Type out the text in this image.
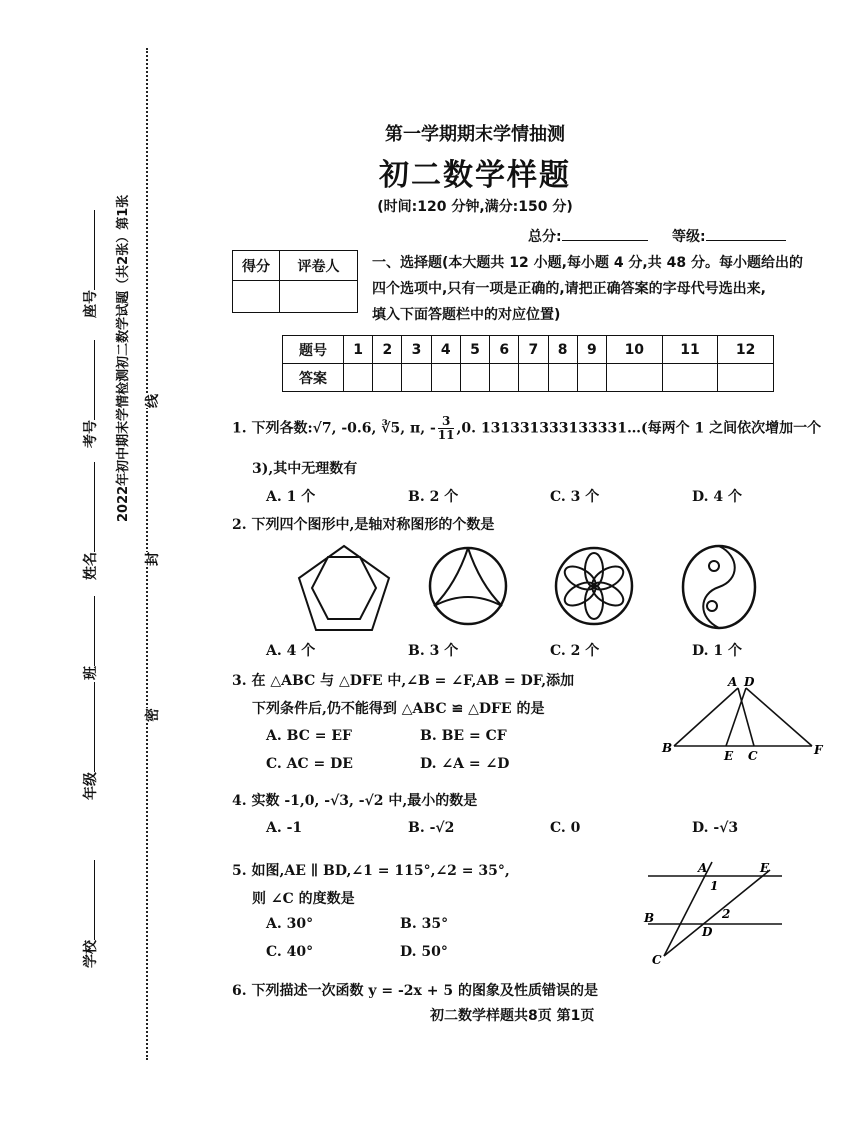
学校
年级
班
姓名
考号
座号
密
封
线
2022年初中期末学情检测初二数学试题（共2张）第1张
第一学期期末学情抽测
初二数学样题
(时间:120 分钟,满分:150 分)
总分:	等级:
得分	评卷人
	一、选择题(本大题共 12 小题,每小题 4 分,共 48 分。每小题给出的
四个选项中,只有一项是正确的,请把正确答案的字母代号选出来,
填入下面答题栏中的对应位置)
题号	1	2	3	4	5	6	7	8	9	10	11	12
答案												
1. 下列各数:√7, -0.6, ∛5, π, - $\frac{3}{11} ,0$. 131331333133331…(每两个 1 之间依次增加一个
3),其中无理数有
A. 1 个	B. 2 个	C. 3 个	D. 4 个
2. 下列四个图形中,是轴对称图形的个数是
A. 4 个	B. 3 个	C. 2 个	D. 1 个
3. 在 △ABC 与 △DFE 中,∠B = ∠F,AB = DF,添加
下列条件后,仍不能得到 △ABC ≌ △DFE 的是
A. BC = EF	B. BE = CF
C. AC = DE	D. ∠A = ∠D
A D
B
E C	F
4. 实数 -1,0, -√3, -√2 中,最小的数是
A. -1	B. -√2	C. 0	D. -√3
5. 如图,AE ∥ BD,∠1 = 115°,∠2 = 35°,
则 ∠C 的度数是
A. 30°	B. 35°
C. 40°	D. 50°
A	E
1
2
B
D
C
6. 下列描述一次函数 y = -2x + 5 的图象及性质错误的是
初二数学样题共8页 第1页
